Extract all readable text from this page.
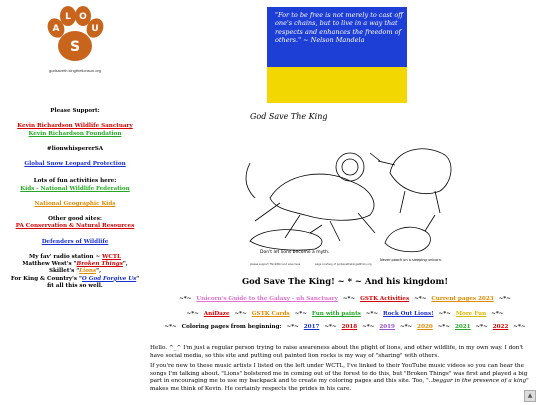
A
L O
U
S
godsaveth kingthelionsun.org
Please Support:
Kevin Richardson Wildlife Sanctuary
Kevin Richardson Foundation
#lionwhispererSA
Global Snow Leopard Protection
Lots of fun activities here:
Kids - National Wildlife Federation
National Geographic Kids
Other good sites:
PA Conservation & Natural Resources
Defenders of Wildlife
My fav' radio station ~ WCTL
Matthew West's "Broken Things",
Skillet's "Lions",
For King & Country's "O God Forgive Us"
fit all this so well.
"For to be free is not merely to cast off one's chains, but to live in a way that respects and enhances the freedom of others." ~ Nelson Mandela
God Save The King
Don't let lions become a myth.
Never poach on a sleeping unicorn.
please support ThinkWiki and save lives	page courtesy of godsavethekingwithlion.org
God Save The King! ~ * ~ And his kingdom!
~*~ Unicorn's Guide to the Galaxy - uh Sanctuary ~*~ GSTK Activities ~*~ Current pages 2023 ~*~
~*~ AniDaze ~*~ GSTK Cards ~*~ Fun with paints ~*~ Rock Out Lions! ~*~ More Fun ~*~
~*~ Coloring pages from beginning: ~*~ 2017 ~*~ 2018 ~*~ 2019 ~*~ 2020 ~*~ 2021 ~*~ 2022 ~*~
Hello. ^_^ I'm just a regular person trying to raise awareness about the plight of lions, and other wildlife, in my own way. I don't have social media, so this site and putting out painted lion rocks is my way of "sharing" with others.
If you're new to these music artists I listed on the left under WCTL, I've linked to their YouTube music videos so you can hear the songs I'm talking about. "Lions" bolstered me in coming out of the forest to do this, but "Broken Things" was first and played a big part in encouraging me to use my backpack and to create my coloring pages and this site. Too, "..beggar in the presence of a king" makes me think of Kevin. He certainly respects the prides in his care.
▲
